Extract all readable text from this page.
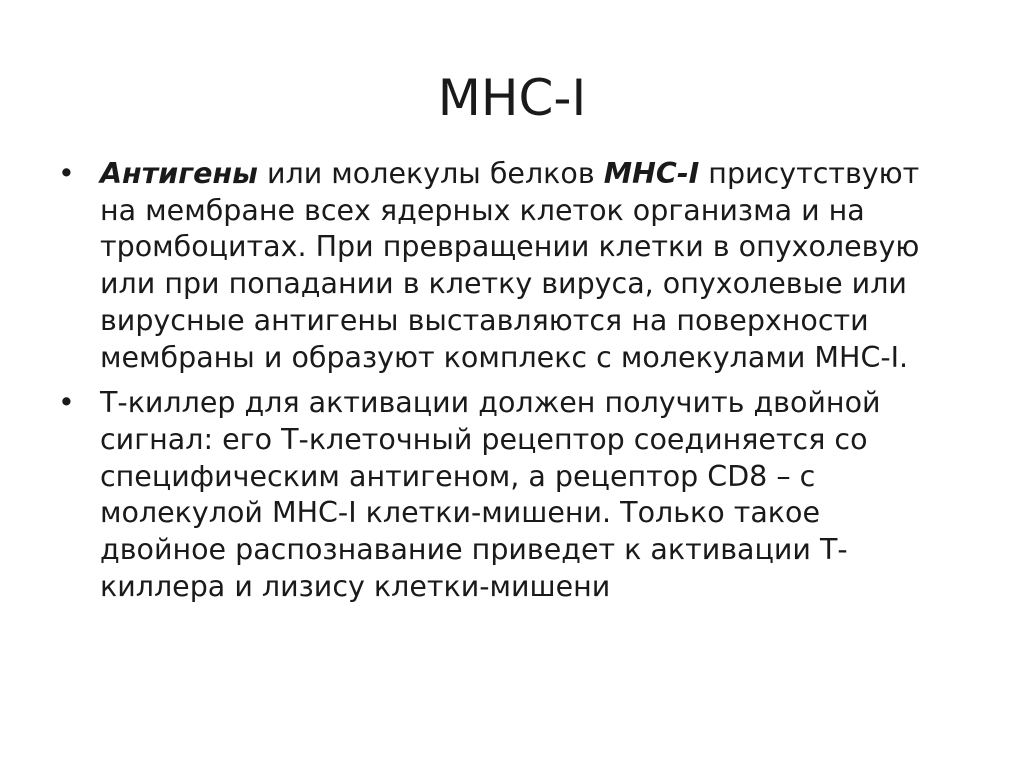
MHC-I
• Антигены или молекулы белков MHC-I присутствуют на мембране всех ядерных клеток организма и на тромбоцитах. При превращении клетки в опухолевую или при попадании в клетку вируса, опухолевые или вирусные антигены выставляются на поверхности мембраны и образуют комплекс с молекулами MHC-I.
• Т-киллер для активации должен получить двойной сигнал: его Т-клеточный рецептор соединяется со специфическим антигеном, а рецептор CD8 – с молекулой MHC-I клетки-мишени. Только такое двойное распознавание приведет к активации Т-киллера и лизису клетки-мишени
